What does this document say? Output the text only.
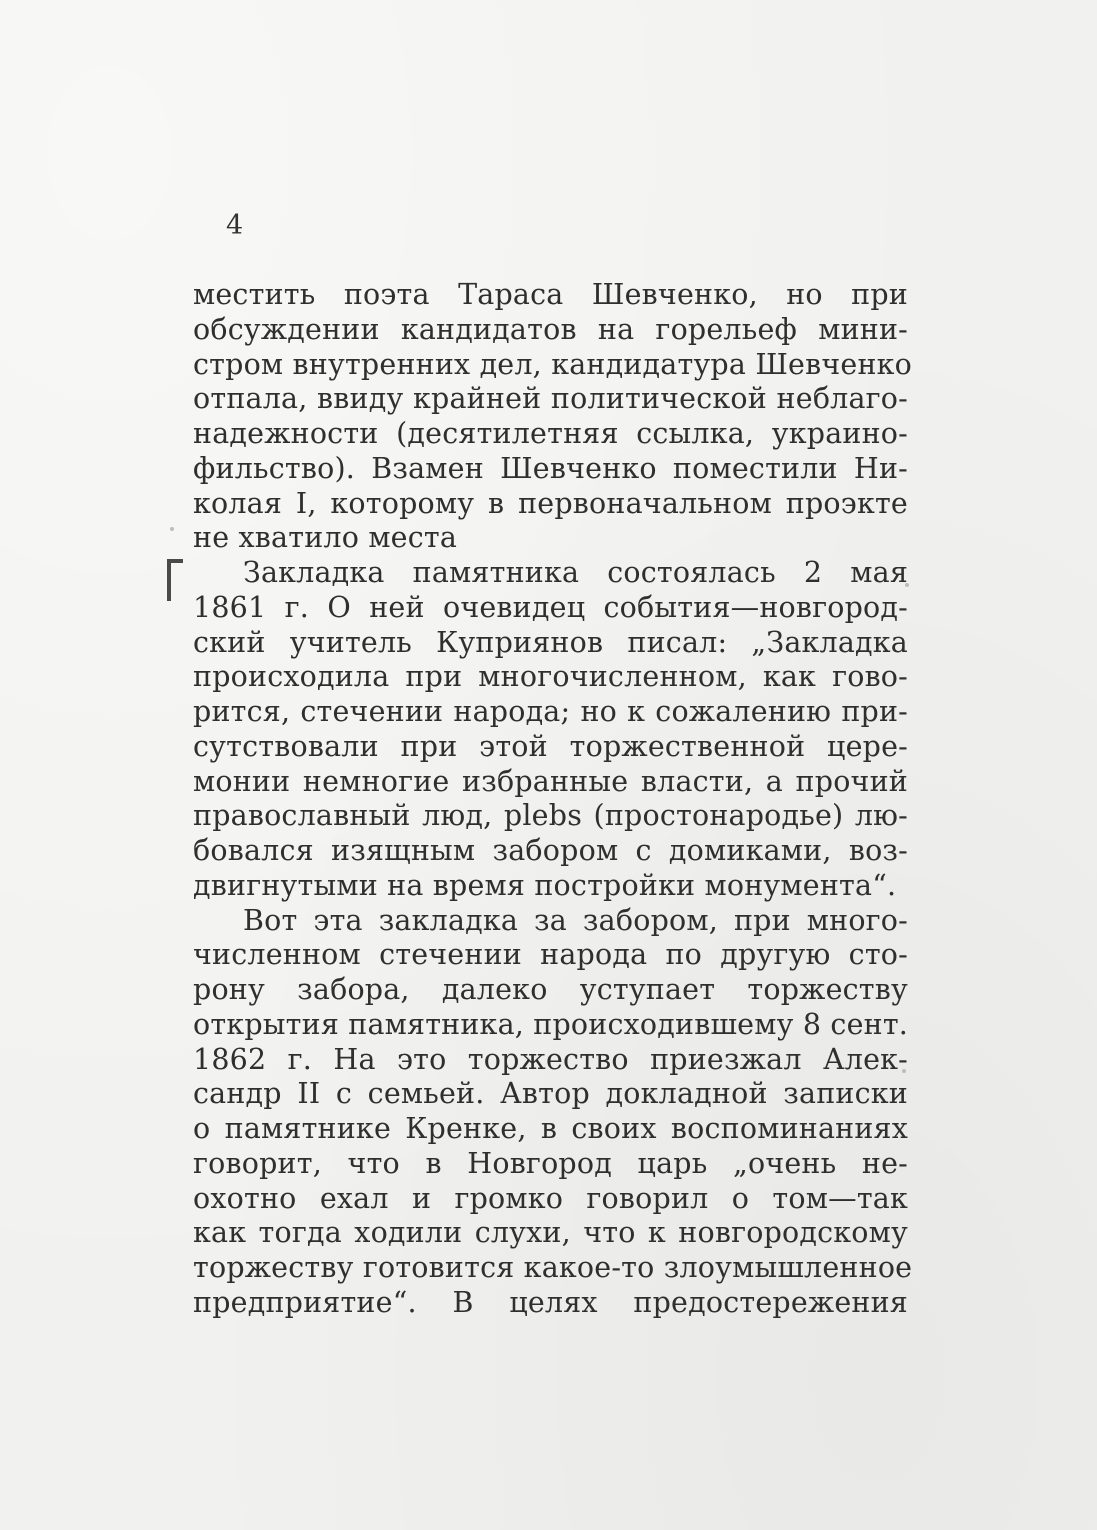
4
местить поэта Тараса Шевченко, но при
обсуждении кандидатов на горельеф мини-
стром внутренних дел, кандидатура Шевченко
отпала, ввиду крайней политической неблаго-
надежности (десятилетняя ссылка, украино-
фильство). Взамен Шевченко поместили Ни-
колая I, которому в первоначальном проэкте
не хватило места
Закладка памятника состоялась 2 мая
1861 г. О ней очевидец события—новгород-
ский учитель Куприянов писал: „Закладка
происходила при многочисленном, как гово-
рится, стечении народа; но к сожалению при-
сутствовали при этой торжественной цере-
монии немногие избранные власти, а прочий
православный люд, plebs (простонародье) лю-
бовался изящным забором с домиками, воз-
двигнутыми на время постройки монумента“.
Вот эта закладка за забором, при много-
численном стечении народа по другую сто-
рону забора, далеко уступает торжеству
открытия памятника, происходившему 8 сент.
1862 г. На это торжество приезжал Алек-
сандр II с семьей. Автор докладной записки
о памятнике Кренке, в своих воспоминаниях
говорит, что в Новгород царь „очень не-
охотно ехал и громко говорил о том—так
как тогда ходили слухи, что к новгородскому
торжеству готовится какое-то злоумышленное
предприятие“. В целях предостережения
